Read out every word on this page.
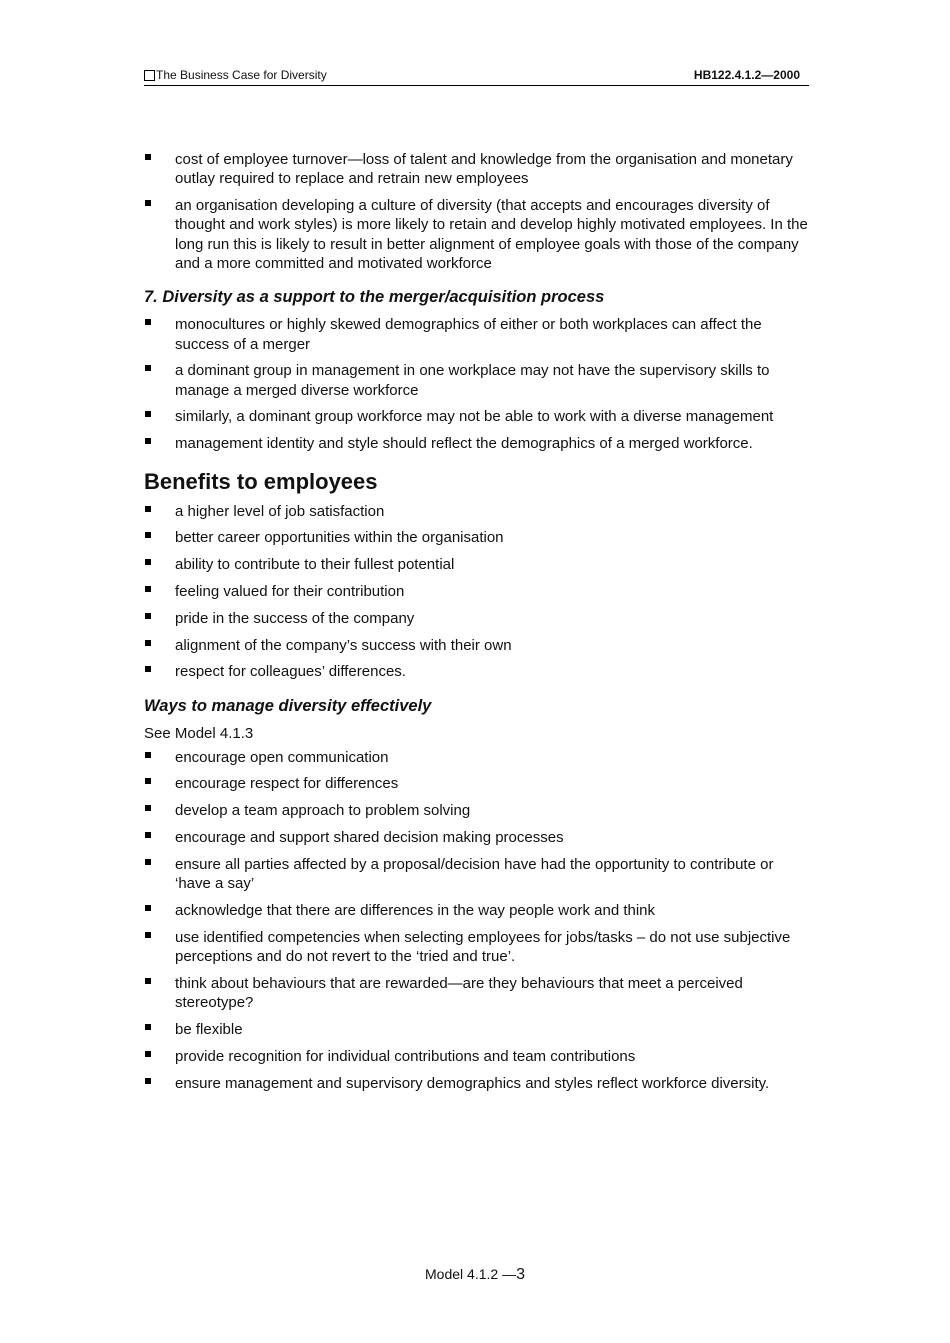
The Business Case for Diversity	HB122.4.1.2—2000
cost of employee turnover—loss of talent and knowledge from the organisation and monetary outlay required to replace and retrain new employees
an organisation developing a culture of diversity (that accepts and encourages diversity of thought and work styles) is more likely to retain and develop highly motivated employees. In the long run this is likely to result in better alignment of employee goals with those of the company and a more committed and motivated workforce
7. Diversity as a support to the merger/acquisition process
monocultures or highly skewed demographics of either or both workplaces can affect the success of a merger
a dominant group in management in one workplace may not have the supervisory skills to manage a merged diverse workforce
similarly, a dominant group workforce may not be able to work with a diverse management
management identity and style should reflect the demographics of a merged workforce.
Benefits to employees
a higher level of job satisfaction
better career opportunities within the organisation
ability to contribute to their fullest potential
feeling valued for their contribution
pride in the success of the company
alignment of the company’s success with their own
respect for colleagues’ differences.
Ways to manage diversity effectively

See Model 4.1.3

encourage open communication
encourage respect for differences
develop a team approach to problem solving
encourage and support shared decision making processes
ensure all parties affected by a proposal/decision have had the opportunity to contribute or ‘have a say’
acknowledge that there are differences in the way people work and think
use identified competencies when selecting employees for jobs/tasks – do not use subjective perceptions and do not revert to the ‘tried and true’.
think about behaviours that are rewarded—are they behaviours that meet a perceived stereotype?
be flexible
provide recognition for individual contributions and team contributions
ensure management and supervisory demographics and styles reflect workforce diversity.
Model 4.1.2 —3
